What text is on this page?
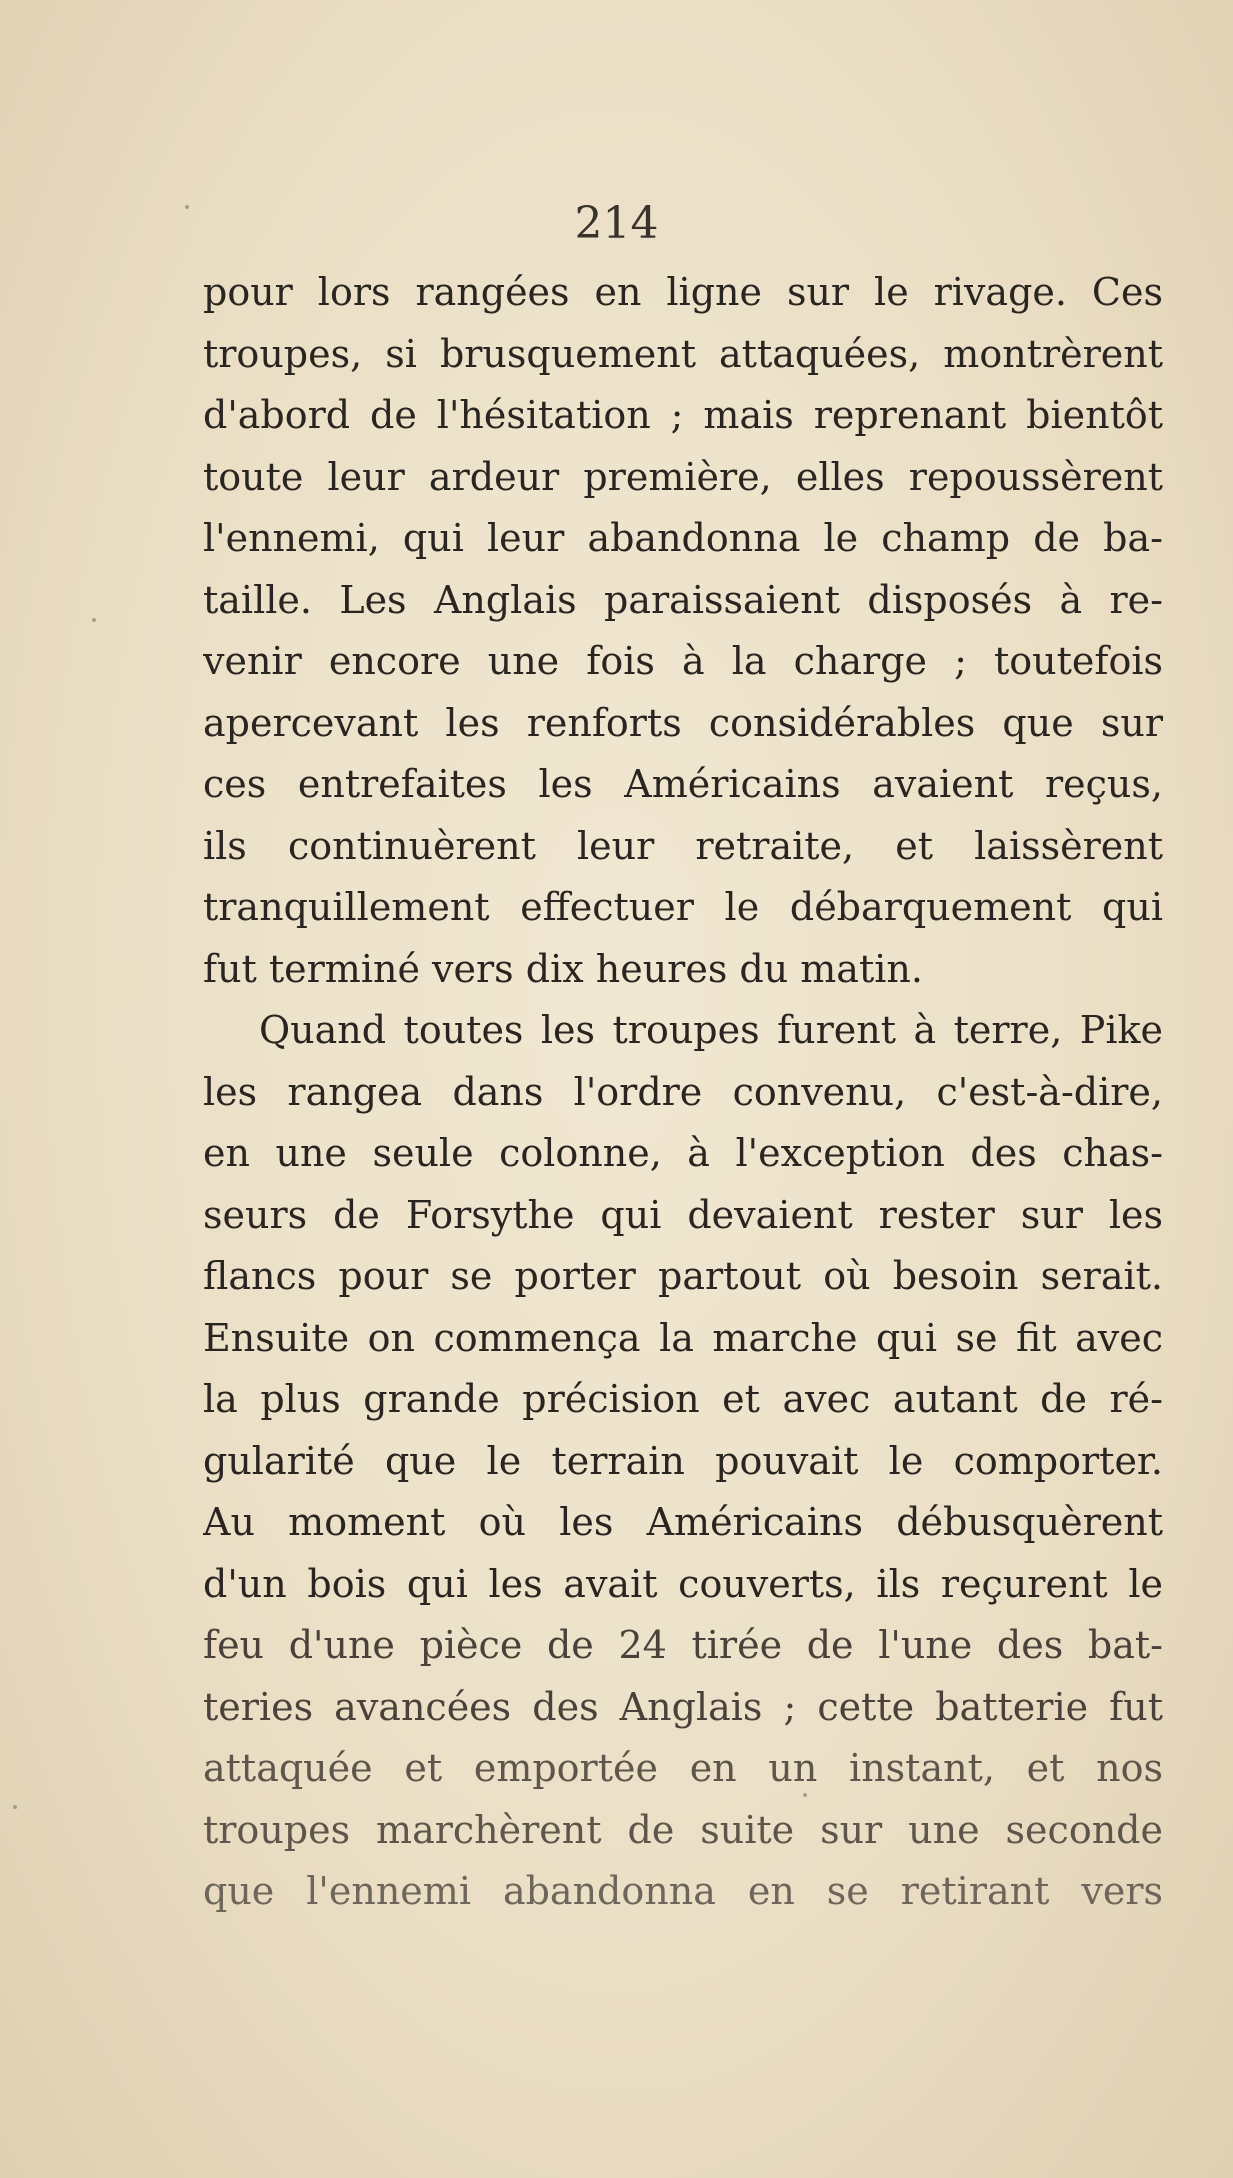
214
pour lors rangées en ligne sur le rivage. Ces
troupes, si brusquement attaquées, montrèrent
d'abord de l'hésitation ; mais reprenant bientôt
toute leur ardeur première, elles repoussèrent
l'ennemi, qui leur abandonna le champ de ba-
taille. Les Anglais paraissaient disposés à re-
venir encore une fois à la charge ; toutefois
apercevant les renforts considérables que sur
ces entrefaites les Américains avaient reçus,
ils continuèrent leur retraite, et laissèrent
tranquillement effectuer le débarquement qui
fut terminé vers dix heures du matin.
Quand toutes les troupes furent à terre, Pike
les rangea dans l'ordre convenu, c'est-à-dire,
en une seule colonne, à l'exception des chas-
seurs de Forsythe qui devaient rester sur les
flancs pour se porter partout où besoin serait.
Ensuite on commença la marche qui se fit avec
la plus grande précision et avec autant de ré-
gularité que le terrain pouvait le comporter.
Au moment où les Américains débusquèrent
d'un bois qui les avait couverts, ils reçurent le
feu d'une pièce de 24 tirée de l'une des bat-
teries avancées des Anglais ; cette batterie fut
attaquée et emportée en un instant, et nos
troupes marchèrent de suite sur une seconde
que l'ennemi abandonna en se retirant vers
